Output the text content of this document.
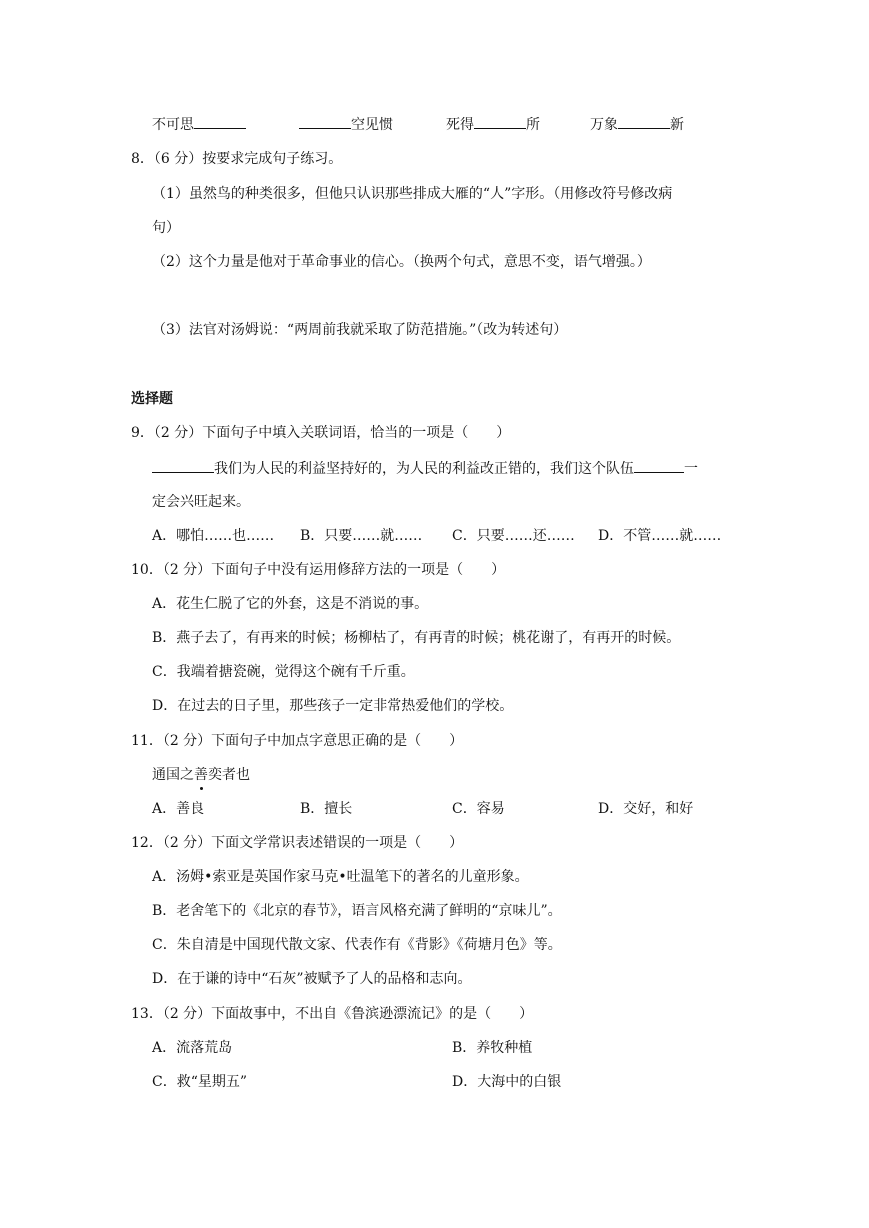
不可思	空见惯	死得	所	万象	新
8．（6 分）按要求完成句子练习。
（1）虽然鸟的种类很多，但他只认识那些排成大雁的“人”字形。（用修改符号修改病
句）
（2）这个力量是他对于革命事业的信心。（换两个句式，意思不变，语气增强。）
（3）法官对汤姆说：“两周前我就采取了防范措施。”（改为转述句）
选择题
9．（2 分）下面句子中填入关联词语，恰当的一项是（　　）
我们为人民的利益坚持好的，为人民的利益改正错的，我们这个队伍	一
定会兴旺起来。
A．哪怕……也…… B．只要……就…… C．只要……还…… D．不管……就……
10．（2 分）下面句子中没有运用修辞方法的一项是（　　）
A．花生仁脱了它的外套，这是不消说的事。
B．燕子去了，有再来的时候；杨柳枯了，有再青的时候；桃花谢了，有再开的时候。
C．我端着搪瓷碗，觉得这个碗有千斤重。
D．在过去的日子里，那些孩子一定非常热爱他们的学校。
11．（2 分）下面句子中加点字意思正确的是（　　）
通国之善奕者也
A．善良	B．擅长	C．容易	D．交好，和好
12．（2 分）下面文学常识表述错误的一项是（　　）
A．汤姆•索亚是英国作家马克•吐温笔下的著名的儿童形象。
B．老舍笔下的《北京的春节》，语言风格充满了鲜明的“京味儿”。
C．朱自清是中国现代散文家、代表作有《背影》《荷塘月色》等。
D．在于谦的诗中“石灰”被赋予了人的品格和志向。
13．（2 分）下面故事中，不出自《鲁滨逊漂流记》的是（　　）
A．流落荒岛	B．养牧种植
C．救“星期五”	D．大海中的白银
